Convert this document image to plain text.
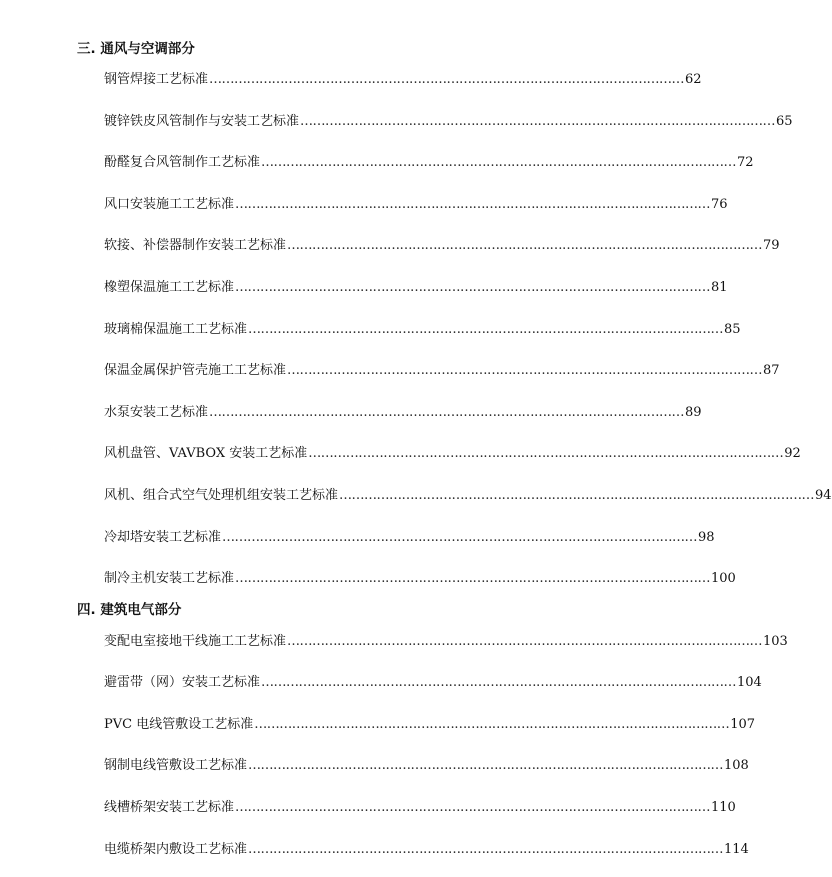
三. 通风与空调部分
钢管焊接工艺标准 …………………………………………………………………………………………………… 62
镀锌铁皮风管制作与安装工艺标准 …………………………………………………………………………………………………… 65
酚醛复合风管制作工艺标准 …………………………………………………………………………………………………… 72
风口安装施工工艺标准 …………………………………………………………………………………………………… 76
软接、补偿器制作安装工艺标准 …………………………………………………………………………………………………… 79
橡塑保温施工工艺标准 …………………………………………………………………………………………………… 81
玻璃棉保温施工工艺标准 …………………………………………………………………………………………………… 85
保温金属保护管壳施工工艺标准 …………………………………………………………………………………………………… 87
水泵安装工艺标准 …………………………………………………………………………………………………… 89
风机盘管、VAVBOX 安装工艺标准 …………………………………………………………………………………………………… 92
风机、组合式空气处理机组安装工艺标准 …………………………………………………………………………………………………… 94
冷却塔安装工艺标准 …………………………………………………………………………………………………… 98
制冷主机安装工艺标准 …………………………………………………………………………………………………… 100
四. 建筑电气部分
变配电室接地干线施工工艺标准 …………………………………………………………………………………………………… 103
避雷带（网）安装工艺标准 …………………………………………………………………………………………………… 104
PVC 电线管敷设工艺标准 …………………………………………………………………………………………………… 107
钢制电线管敷设工艺标准 …………………………………………………………………………………………………… 108
线槽桥架安装工艺标准 …………………………………………………………………………………………………… 110
电缆桥架内敷设工艺标准 …………………………………………………………………………………………………… 114
